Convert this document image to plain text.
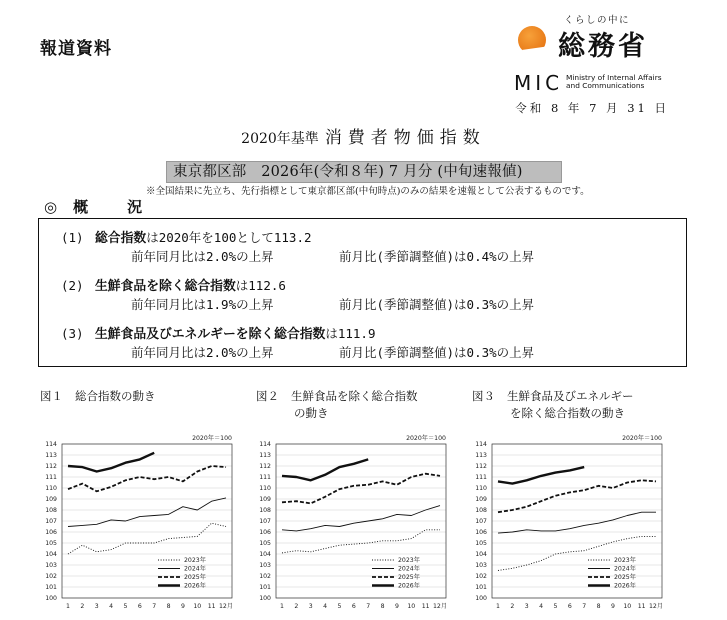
報道資料
くらしの中に
総務省
MIC Ministry of Internal Affairs
and Communications
令和 8 年 7 月 31 日
2020年基準 消費者物価指数
東京都区部　2026年(令和８年) 7 月分 (中旬速報値)
※全国結果に先立ち、先行指標として東京都区部(中旬時点)のみの結果を速報として公表するものです。
◎ 概　況
(1) 総合指数は2020年を100として113.2
前年同月比は2.0%の上昇	前月比(季節調整値)は0.4%の上昇
(2) 生鮮食品を除く総合指数は112.6
前年同月比は1.9%の上昇	前月比(季節調整値)は0.3%の上昇
(3) 生鮮食品及びエネルギーを除く総合指数は111.9
前年同月比は2.0%の上昇	前月比(季節調整値)は0.3%の上昇
図１ 総合指数の動き	図２ 生鮮食品を除く総合指数
の動き
図３ 生鮮食品及びエネルギー
を除く総合指数の動き
2020年＝100
100
101
102
103
104
105
106
107
108
109
110
111
112
113
114
1 2 3 4 5 6 7 8 9 10 11 12月
2023年
2024年
2025年
2026年
2020年＝100
100
101
102
103
104
105
106
107
108
109
110
111
112
113
114
1 2 3 4 5 6 7 8 9 10 11 12月
2023年
2024年
2025年
2026年
2020年＝100
100
101
102
103
104
105
106
107
108
109
110
111
112
113
114
1 2 3 4 5 6 7 8 9 10 11 12月
2023年
2024年
2025年
2026年
